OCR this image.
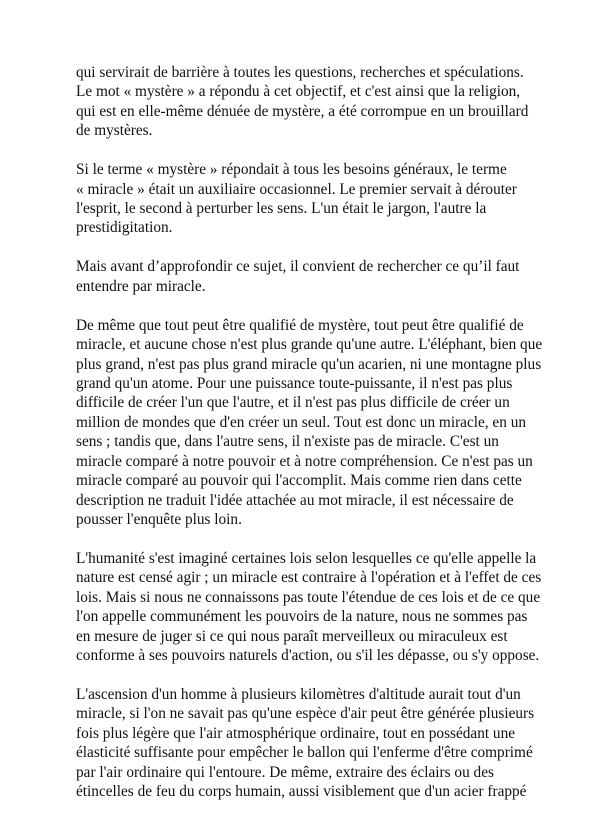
qui servirait de barrière à toutes les questions, recherches et spéculations.
Le mot « mystère » a répondu à cet objectif, et c'est ainsi que la religion,
qui est en elle-même dénuée de mystère, a été corrompue en un brouillard
de mystères.

Si le terme « mystère » répondait à tous les besoins généraux, le terme
« miracle » était un auxiliaire occasionnel. Le premier servait à dérouter
l'esprit, le second à perturber les sens. L'un était le jargon, l'autre la
prestidigitation.

Mais avant d’approfondir ce sujet, il convient de rechercher ce qu’il faut
entendre par miracle.

De même que tout peut être qualifié de mystère, tout peut être qualifié de
miracle, et aucune chose n'est plus grande qu'une autre. L'éléphant, bien que
plus grand, n'est pas plus grand miracle qu'un acarien, ni une montagne plus
grand qu'un atome. Pour une puissance toute-puissante, il n'est pas plus
difficile de créer l'un que l'autre, et il n'est pas plus difficile de créer un
million de mondes que d'en créer un seul. Tout est donc un miracle, en un
sens ; tandis que, dans l'autre sens, il n'existe pas de miracle. C'est un
miracle comparé à notre pouvoir et à notre compréhension. Ce n'est pas un
miracle comparé au pouvoir qui l'accomplit. Mais comme rien dans cette
description ne traduit l'idée attachée au mot miracle, il est nécessaire de
pousser l'enquête plus loin.

L'humanité s'est imaginé certaines lois selon lesquelles ce qu'elle appelle la
nature est censé agir ; un miracle est contraire à l'opération et à l'effet de ces
lois. Mais si nous ne connaissons pas toute l'étendue de ces lois et de ce que
l'on appelle communément les pouvoirs de la nature, nous ne sommes pas
en mesure de juger si ce qui nous paraît merveilleux ou miraculeux est
conforme à ses pouvoirs naturels d'action, ou s'il les dépasse, ou s'y oppose.

L'ascension d'un homme à plusieurs kilomètres d'altitude aurait tout d'un
miracle, si l'on ne savait pas qu'une espèce d'air peut être générée plusieurs
fois plus légère que l'air atmosphérique ordinaire, tout en possédant une
élasticité suffisante pour empêcher le ballon qui l'enferme d'être comprimé
par l'air ordinaire qui l'entoure. De même, extraire des éclairs ou des
étincelles de feu du corps humain, aussi visiblement que d'un acier frappé
